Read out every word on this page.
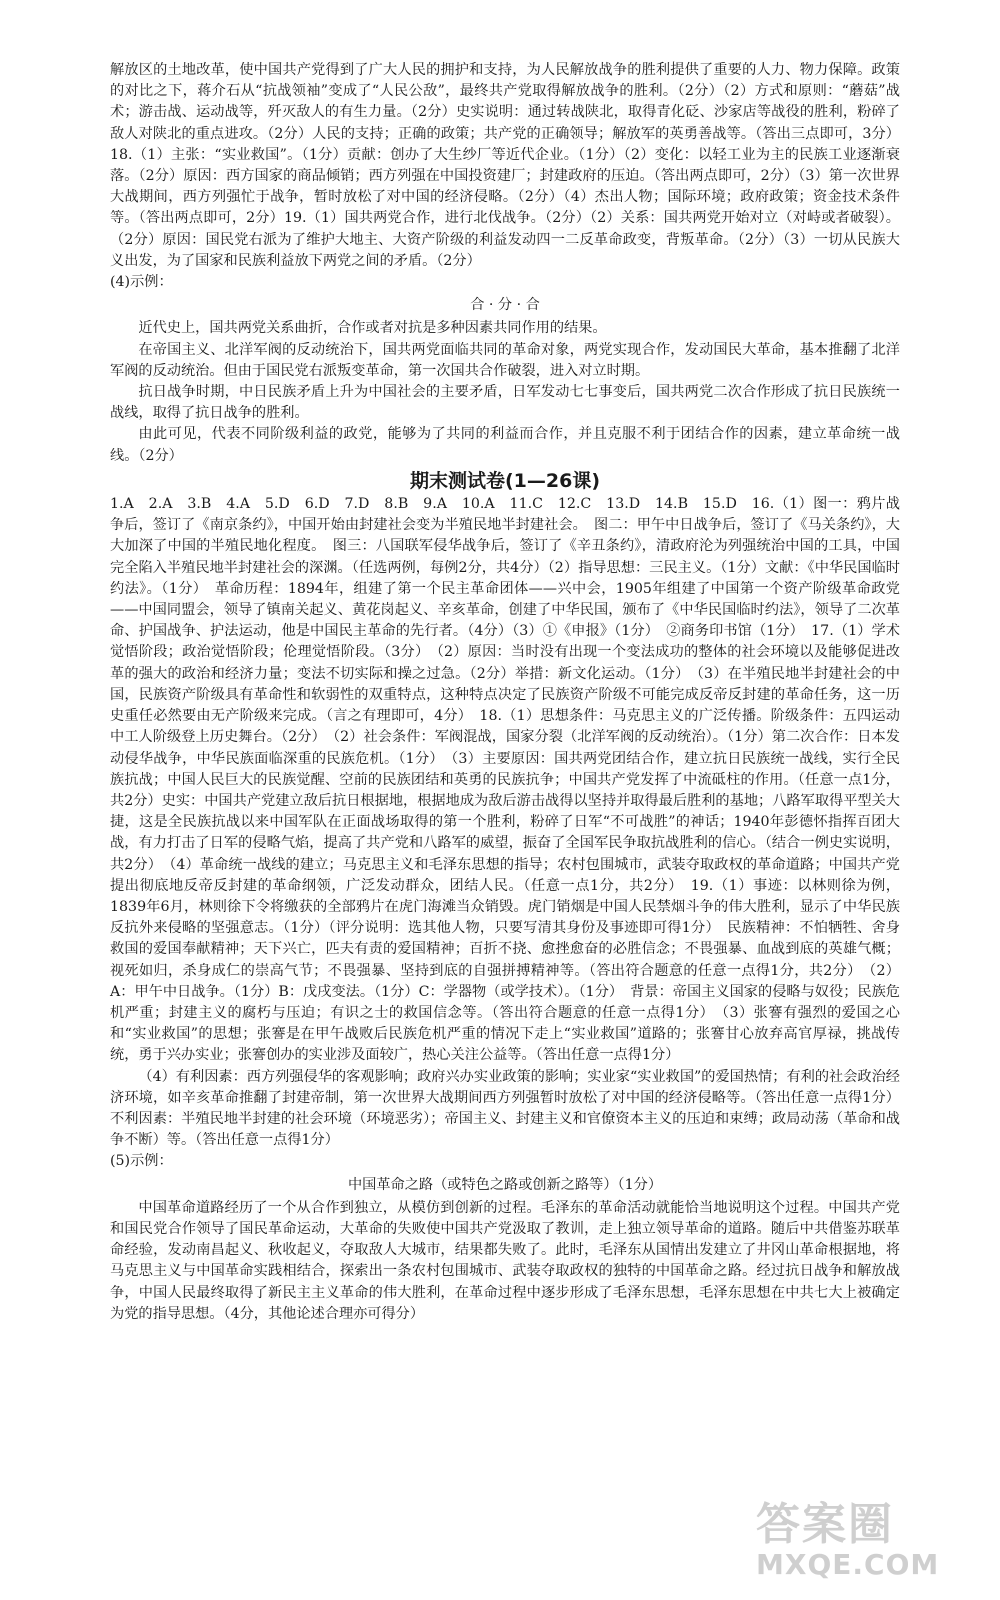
解放区的土地改革，使中国共产党得到了广大人民的拥护和支持，为人民解放战争的胜利提供了重要的人力、物力保障。政策的对比之下，蒋介石从“抗战领袖”变成了“人民公敌”，最终共产党取得解放战争的胜利。（2分）（2）方式和原则：“蘑菇”战术；游击战、运动战等，歼灭敌人的有生力量。（2分）史实说明：通过转战陕北，取得青化砭、沙家店等战役的胜利，粉碎了敌人对陕北的重点进攻。（2分）人民的支持；正确的政策；共产党的正确领导；解放军的英勇善战等。（答出三点即可，3分）18.（1）主张：“实业救国”。（1分）贡献：创办了大生纱厂等近代企业。（1分）（2）变化：以轻工业为主的民族工业逐渐衰落。（2分）原因：西方国家的商品倾销；西方列强在中国投资建厂；封建政府的压迫。（答出两点即可，2分）（3）第一次世界大战期间，西方列强忙于战争，暂时放松了对中国的经济侵略。（2分）（4）杰出人物；国际环境；政府政策；资金技术条件等。（答出两点即可，2分）19.（1）国共两党合作，进行北伐战争。（2分）（2）关系：国共两党开始对立（对峙或者破裂）。（2分）原因：国民党右派为了维护大地主、大资产阶级的利益发动四一二反革命政变，背叛革命。（2分）（3）一切从民族大义出发，为了国家和民族利益放下两党之间的矛盾。（2分）

(4)示例：

合 · 分 · 合

近代史上，国共两党关系曲折，合作或者对抗是多种因素共同作用的结果。

在帝国主义、北洋军阀的反动统治下，国共两党面临共同的革命对象，两党实现合作，发动国民大革命，基本推翻了北洋军阀的反动统治。但由于国民党右派叛变革命，第一次国共合作破裂，进入对立时期。

抗日战争时期，中日民族矛盾上升为中国社会的主要矛盾，日军发动七七事变后，国共两党二次合作形成了抗日民族统一战线，取得了抗日战争的胜利。

由此可见，代表不同阶级利益的政党，能够为了共同的利益而合作，并且克服不利于团结合作的因素，建立革命统一战线。（2分）

期末测试卷(1—26课)

1.A　2.A　3.B　4.A　5.D　6.D　7.D　8.B　9.A　10.A　11.C　12.C　13.D　14.B　15.D　16.（1）图一：鸦片战争后，签订了《南京条约》，中国开始由封建社会变为半殖民地半封建社会。　图二：甲午中日战争后，签订了《马关条约》，大大加深了中国的半殖民地化程度。　图三：八国联军侵华战争后，签订了《辛丑条约》，清政府沦为列强统治中国的工具，中国完全陷入半殖民地半封建社会的深渊。（任选两例，每例2分，共4分）（2）指导思想：三民主义。（1分）文献：《中华民国临时约法》。（1分）　革命历程：1894年，组建了第一个民主革命团体——兴中会，1905年组建了中国第一个资产阶级革命政党——中国同盟会，领导了镇南关起义、黄花岗起义、辛亥革命，创建了中华民国，颁布了《中华民国临时约法》，领导了二次革命、护国战争、护法运动，他是中国民主革命的先行者。（4分）（3）①《申报》（1分）　②商务印书馆（1分）　17.（1）学术觉悟阶段；政治觉悟阶段；伦理觉悟阶段。（3分）　（2）原因：当时没有出现一个变法成功的整体的社会环境以及能够促进改革的强大的政治和经济力量；变法不切实际和操之过急。（2分）举措：新文化运动。（1分）　（3）在半殖民地半封建社会的中国，民族资产阶级具有革命性和软弱性的双重特点，这种特点决定了民族资产阶级不可能完成反帝反封建的革命任务，这一历史重任必然要由无产阶级来完成。（言之有理即可，4分）　18.（1）思想条件：马克思主义的广泛传播。阶级条件：五四运动中工人阶级登上历史舞台。（2分）　（2）社会条件：军阀混战，国家分裂（北洋军阀的反动统治）。（1分）第二次合作：日本发动侵华战争，中华民族面临深重的民族危机。（1分）　（3）主要原因：国共两党团结合作，建立抗日民族统一战线，实行全民族抗战；中国人民巨大的民族觉醒、空前的民族团结和英勇的民族抗争；中国共产党发挥了中流砥柱的作用。（任意一点1分，共2分）史实：中国共产党建立敌后抗日根据地，根据地成为敌后游击战得以坚持并取得最后胜利的基地；八路军取得平型关大捷，这是全民族抗战以来中国军队在正面战场取得的第一个胜利，粉碎了日军“不可战胜”的神话；1940年彭德怀指挥百团大战，有力打击了日军的侵略气焰，提高了共产党和八路军的威望，振奋了全国军民争取抗战胜利的信心。（结合一例史实说明，共2分）　（4）革命统一战线的建立；马克思主义和毛泽东思想的指导；农村包围城市，武装夺取政权的革命道路；中国共产党提出彻底地反帝反封建的革命纲领，广泛发动群众，团结人民。（任意一点1分，共2分）　19.（1）事迹：以林则徐为例，1839年6月，林则徐下令将缴获的全部鸦片在虎门海滩当众销毁。虎门销烟是中国人民禁烟斗争的伟大胜利，显示了中华民族反抗外来侵略的坚强意志。（1分）（评分说明：选其他人物，只要写清其身份及事迹即可得1分）　民族精神：不怕牺牲、舍身救国的爱国奉献精神；天下兴亡，匹夫有责的爱国精神；百折不挠、愈挫愈奋的必胜信念；不畏强暴、血战到底的英雄气概；视死如归，杀身成仁的崇高气节；不畏强暴、坚持到底的自强拼搏精神等。（答出符合题意的任意一点得1分，共2分）　（2）A：甲午中日战争。（1分）B：戊戌变法。（1分）C：学器物（或学技术）。（1分）　背景：帝国主义国家的侵略与奴役；民族危机严重；封建主义的腐朽与压迫；有识之士的救国信念等。（答出符合题意的任意一点得1分）　（3）张謇有强烈的爱国之心和“实业救国”的思想；张謇是在甲午战败后民族危机严重的情况下走上“实业救国”道路的；张謇甘心放弃高官厚禄，挑战传统，勇于兴办实业；张謇创办的实业涉及面较广，热心关注公益等。（答出任意一点得1分）

（4）有利因素：西方列强侵华的客观影响；政府兴办实业政策的影响；实业家“实业救国”的爱国热情；有利的社会政治经济环境，如辛亥革命推翻了封建帝制，第一次世界大战期间西方列强暂时放松了对中国的经济侵略等。（答出任意一点得1分）不利因素：半殖民地半封建的社会环境（环境恶劣）；帝国主义、封建主义和官僚资本主义的压迫和束缚；政局动荡（革命和战争不断）等。（答出任意一点得1分）

(5)示例：

中国革命之路（或特色之路或创新之路等）（1分）

中国革命道路经历了一个从合作到独立，从模仿到创新的过程。毛泽东的革命活动就能恰当地说明这个过程。中国共产党和国民党合作领导了国民革命运动，大革命的失败使中国共产党汲取了教训，走上独立领导革命的道路。随后中共借鉴苏联革命经验，发动南昌起义、秋收起义，夺取敌人大城市，结果都失败了。此时，毛泽东从国情出发建立了井冈山革命根据地，将马克思主义与中国革命实践相结合，探索出一条农村包围城市、武装夺取政权的独特的中国革命之路。经过抗日战争和解放战争，中国人民最终取得了新民主主义革命的伟大胜利，在革命过程中逐步形成了毛泽东思想，毛泽东思想在中共七大上被确定为党的指导思想。（4分，其他论述合理亦可得分）

答案圈
MXQE.COM
